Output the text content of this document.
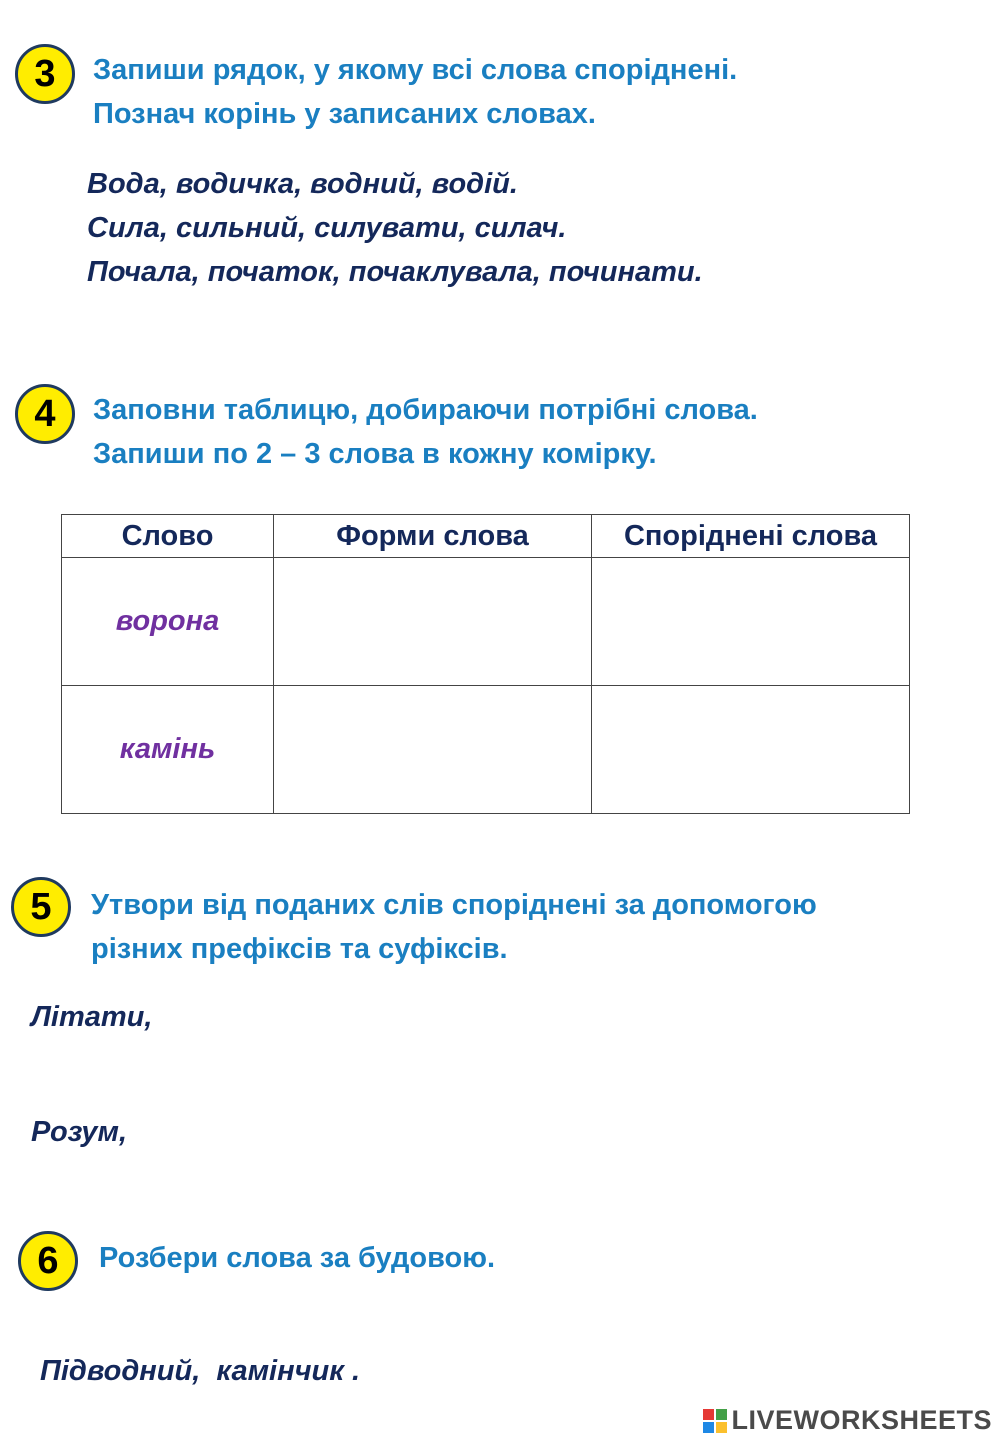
3	Запиши рядок, у якому всі слова споріднені.
Познач корінь у записаних словах.
Вода, водичка, водний, водій.
Сила, сильний, силувати, силач.
Почала, початок, почаклувала, починати.
4	Заповни таблицю, добираючи потрібні слова.
Запиши по 2 – 3 слова в кожну комірку.
Слово	Форми слова	Споріднені слова
ворона		
камінь		
5	Утвори від поданих слів споріднені за допомогою
різних префіксів та суфіксів.
Літати,
Розум,
6	Розбери слова за будовою.
Підводний,  камінчик .
LIVEWORKSHEETS
